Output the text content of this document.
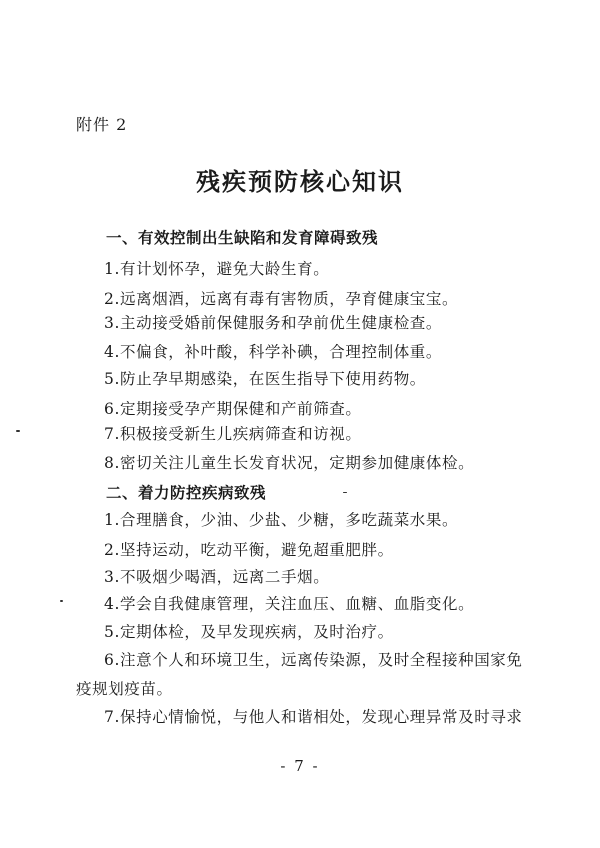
附件 2
残疾预防核心知识
一、有效控制出生缺陷和发育障碍致残
1.有计划怀孕，避免大龄生育。
2.远离烟酒，远离有毒有害物质，孕育健康宝宝。
3.主动接受婚前保健服务和孕前优生健康检查。
4.不偏食，补叶酸，科学补碘，合理控制体重。
5.防止孕早期感染，在医生指导下使用药物。
6.定期接受孕产期保健和产前筛查。
7.积极接受新生儿疾病筛查和访视。
8.密切关注儿童生长发育状况，定期参加健康体检。
二、着力防控疾病致残
1.合理膳食，少油、少盐、少糖，多吃蔬菜水果。
2.坚持运动，吃动平衡，避免超重肥胖。
3.不吸烟少喝酒，远离二手烟。
4.学会自我健康管理，关注血压、血糖、血脂变化。
5.定期体检，及早发现疾病，及时治疗。
6.注意个人和环境卫生，远离传染源，及时全程接种国家免
疫规划疫苗。
7.保持心情愉悦，与他人和谐相处，发现心理异常及时寻求
- 7 -
